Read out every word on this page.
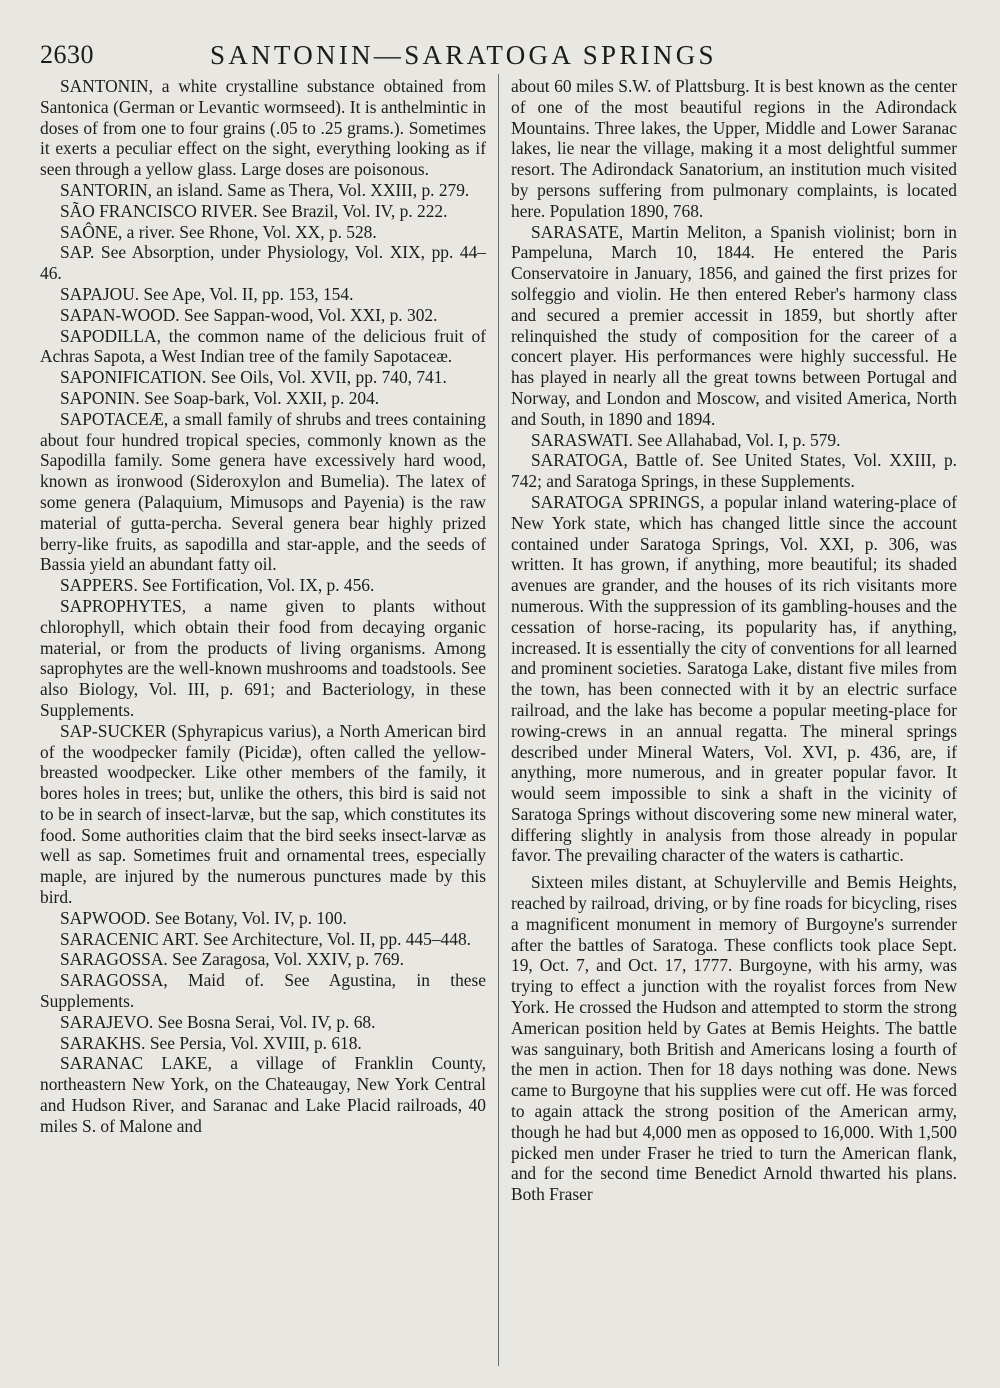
2630	SANTONIN—SARATOGA SPRINGS

SANTONIN, a white crystalline substance obtained from Santonica (German or Levantic wormseed). It is anthelmintic in doses of from one to four grains (.05 to .25 grams.). Sometimes it exerts a peculiar effect on the sight, everything looking as if seen through a yellow glass. Large doses are poisonous.

SANTORIN, an island. Same as Thera, Vol. XXIII, p. 279.

SÃO FRANCISCO RIVER. See Brazil, Vol. IV, p. 222.

SAÔNE, a river. See Rhone, Vol. XX, p. 528.

SAP. See Absorption, under Physiology, Vol. XIX, pp. 44–46.

SAPAJOU. See Ape, Vol. II, pp. 153, 154.

SAPAN-WOOD. See Sappan-wood, Vol. XXI, p. 302.

SAPODILLA, the common name of the delicious fruit of Achras Sapota, a West Indian tree of the family Sapotaceæ.

SAPONIFICATION. See Oils, Vol. XVII, pp. 740, 741.

SAPONIN. See Soap-bark, Vol. XXII, p. 204.

SAPOTACEÆ, a small family of shrubs and trees containing about four hundred tropical species, commonly known as the Sapodilla family. Some genera have excessively hard wood, known as ironwood (Sideroxylon and Bumelia). The latex of some genera (Palaquium, Mimusops and Payenia) is the raw material of gutta-percha. Several genera bear highly prized berry-like fruits, as sapodilla and star-apple, and the seeds of Bassia yield an abundant fatty oil.

SAPPERS. See Fortification, Vol. IX, p. 456.

SAPROPHYTES, a name given to plants without chlorophyll, which obtain their food from decaying organic material, or from the products of living organisms. Among saprophytes are the well-known mushrooms and toadstools. See also Biology, Vol. III, p. 691; and Bacteriology, in these Supplements.

SAP-SUCKER (Sphyrapicus varius), a North American bird of the woodpecker family (Picidæ), often called the yellow-breasted woodpecker. Like other members of the family, it bores holes in trees; but, unlike the others, this bird is said not to be in search of insect-larvæ, but the sap, which constitutes its food. Some authorities claim that the bird seeks insect-larvæ as well as sap. Sometimes fruit and ornamental trees, especially maple, are injured by the numerous punctures made by this bird.

SAPWOOD. See Botany, Vol. IV, p. 100.

SARACENIC ART. See Architecture, Vol. II, pp. 445–448.

SARAGOSSA. See Zaragosa, Vol. XXIV, p. 769.

SARAGOSSA, Maid of. See Agustina, in these Supplements.

SARAJEVO. See Bosna Serai, Vol. IV, p. 68.

SARAKHS. See Persia, Vol. XVIII, p. 618.

SARANAC LAKE, a village of Franklin County, northeastern New York, on the Chateaugay, New York Central and Hudson River, and Saranac and Lake Placid railroads, 40 miles S. of Malone and

about 60 miles S.W. of Plattsburg. It is best known as the center of one of the most beautiful regions in the Adirondack Mountains. Three lakes, the Upper, Middle and Lower Saranac lakes, lie near the village, making it a most delightful summer resort. The Adirondack Sanatorium, an institution much visited by persons suffering from pulmonary complaints, is located here. Population 1890, 768.

SARASATE, Martin Meliton, a Spanish violinist; born in Pampeluna, March 10, 1844. He entered the Paris Conservatoire in January, 1856, and gained the first prizes for solfeggio and violin. He then entered Reber's harmony class and secured a premier accessit in 1859, but shortly after relinquished the study of composition for the career of a concert player. His performances were highly successful. He has played in nearly all the great towns between Portugal and Norway, and London and Moscow, and visited America, North and South, in 1890 and 1894.

SARASWATI. See Allahabad, Vol. I, p. 579.

SARATOGA, Battle of. See United States, Vol. XXIII, p. 742; and Saratoga Springs, in these Supplements.

SARATOGA SPRINGS, a popular inland watering-place of New York state, which has changed little since the account contained under Saratoga Springs, Vol. XXI, p. 306, was written. It has grown, if anything, more beautiful; its shaded avenues are grander, and the houses of its rich visitants more numerous. With the suppression of its gambling-houses and the cessation of horse-racing, its popularity has, if anything, increased. It is essentially the city of conventions for all learned and prominent societies. Saratoga Lake, distant five miles from the town, has been connected with it by an electric surface railroad, and the lake has become a popular meeting-place for rowing-crews in an annual regatta. The mineral springs described under Mineral Waters, Vol. XVI, p. 436, are, if anything, more numerous, and in greater popular favor. It would seem impossible to sink a shaft in the vicinity of Saratoga Springs without discovering some new mineral water, differing slightly in analysis from those already in popular favor. The prevailing character of the waters is cathartic.

Sixteen miles distant, at Schuylerville and Bemis Heights, reached by railroad, driving, or by fine roads for bicycling, rises a magnificent monument in memory of Burgoyne's surrender after the battles of Saratoga. These conflicts took place Sept. 19, Oct. 7, and Oct. 17, 1777. Burgoyne, with his army, was trying to effect a junction with the royalist forces from New York. He crossed the Hudson and attempted to storm the strong American position held by Gates at Bemis Heights. The battle was sanguinary, both British and Americans losing a fourth of the men in action. Then for 18 days nothing was done. News came to Burgoyne that his supplies were cut off. He was forced to again attack the strong position of the American army, though he had but 4,000 men as opposed to 16,000. With 1,500 picked men under Fraser he tried to turn the American flank, and for the second time Benedict Arnold thwarted his plans. Both Fraser
